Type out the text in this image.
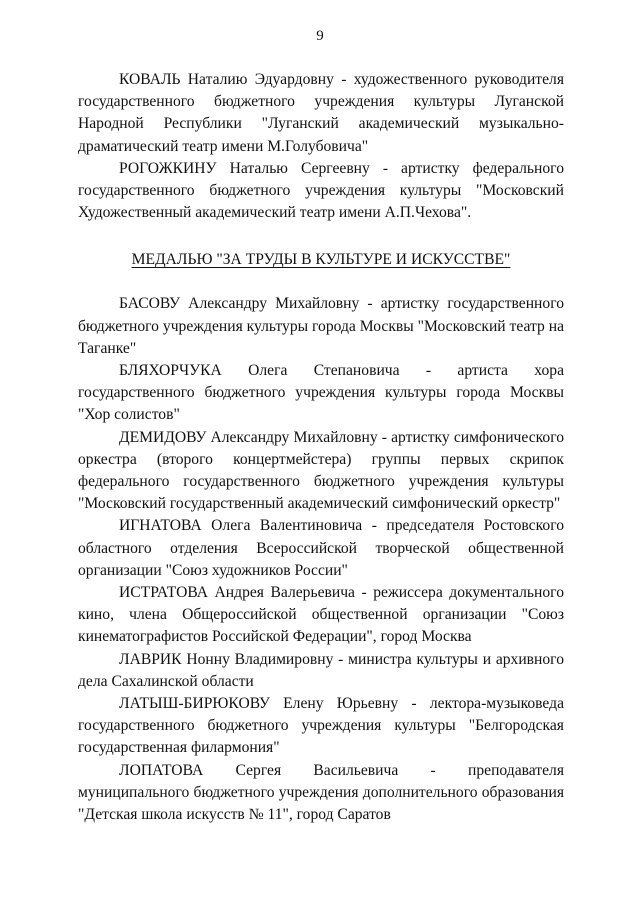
9

КОВАЛЬ Наталию Эдуардовну - художественного руководителя государственного бюджетного учреждения культуры Луганской Народной Республики "Луганский академический музыкально-драматический театр имени М.Голубовича"

РОГОЖКИНУ Наталью Сергеевну - артистку федерального государственного бюджетного учреждения культуры "Московский Художественный академический театр имени А.П.Чехова".

МЕДАЛЬЮ "ЗА ТРУДЫ В КУЛЬТУРЕ И ИСКУССТВЕ"

БАСОВУ Александру Михайловну - артистку государственного бюджетного учреждения культуры города Москвы "Московский театр на Таганке"

БЛЯХОРЧУКА Олега Степановича - артиста хора государственного бюджетного учреждения культуры города Москвы "Хор солистов"

ДЕМИДОВУ Александру Михайловну - артистку симфонического оркестра (второго концертмейстера) группы первых скрипок федерального государственного бюджетного учреждения культуры "Московский государственный академический симфонический оркестр"

ИГНАТОВА Олега Валентиновича - председателя Ростовского областного отделения Всероссийской творческой общественной организации "Союз художников России"

ИСТРАТОВА Андрея Валерьевича - режиссера документального кино, члена Общероссийской общественной организации "Союз кинематографистов Российской Федерации", город Москва

ЛАВРИК Нонну Владимировну - министра культуры и архивного дела Сахалинской области

ЛАТЫШ-БИРЮКОВУ Елену Юрьевну - лектора-музыковеда государственного бюджетного учреждения культуры "Белгородская государственная филармония"

ЛОПАТОВА Сергея Васильевича - преподавателя муниципального бюджетного учреждения дополнительного образования "Детская школа искусств № 11", город Саратов
